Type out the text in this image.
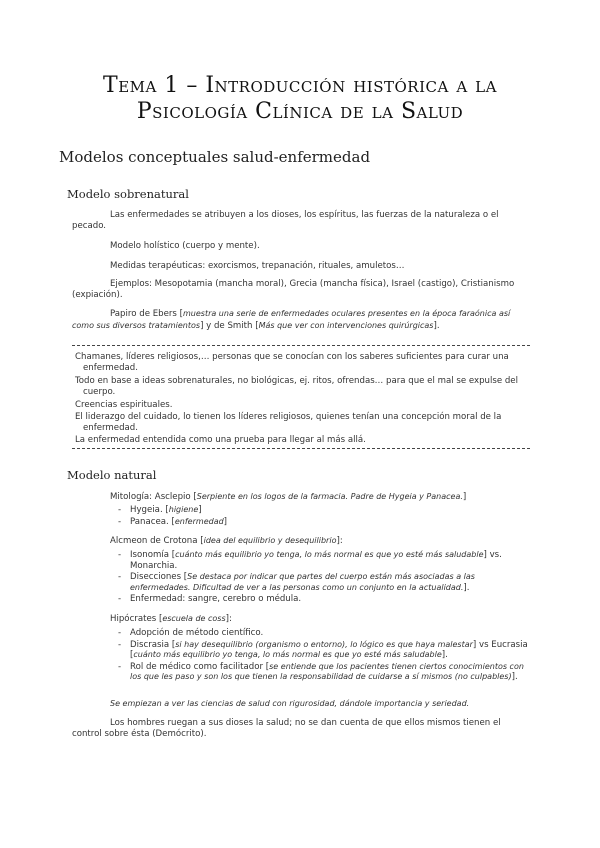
Tema 1 – Introducción histórica a la
Psicología Clínica de la Salud
Modelos conceptuales salud-enfermedad
Modelo sobrenatural
Las enfermedades se atribuyen a los dioses, los espíritus, las fuerzas de la naturaleza o el pecado.
Modelo holístico (cuerpo y mente).
Medidas terapéuticas: exorcismos, trepanación, rituales, amuletos…
Ejemplos: Mesopotamia (mancha moral), Grecia (mancha física), Israel (castigo), Cristianismo (expiación).
Papiro de Ebers [muestra una serie de enfermedades oculares presentes en la época faraónica así como sus diversos tratamientos] y de Smith [Más que ver con intervenciones quirúrgicas].
Chamanes, líderes religiosos,… personas que se conocían con los saberes suficientes para curar una enfermedad.
Todo en base a ideas sobrenaturales, no biológicas, ej. ritos, ofrendas… para que el mal se expulse del cuerpo.
Creencias espirituales.
El liderazgo del cuidado, lo tienen los líderes religiosos, quienes tenían una concepción moral de la enfermedad.
La enfermedad entendida como una prueba para llegar al más allá.
Modelo natural
Mitología: Asclepio [Serpiente en los logos de la farmacia. Padre de Hygeia y Panacea.]
- Hygeia. [higiene]
- Panacea. [enfermedad]
Alcmeon de Crotona [idea del equilibrio y desequilibrio]:
- Isonomía [cuánto más equilibrio yo tenga, lo más normal es que yo esté más saludable] vs. Monarchia.
- Disecciones [Se destaca por indicar que partes del cuerpo están más asociadas a las enfermedades. Dificultad de ver a las personas como un conjunto en la actualidad.].
- Enfermedad: sangre, cerebro o médula.
Hipócrates [escuela de coss]:
- Adopción de método científico.
- Discrasia [si hay desequilibrio (organismo o entorno), lo lógico es que haya malestar] vs Eucrasia [cuánto más equilibrio yo tenga, lo más normal es que yo esté más saludable].
- Rol de médico como facilitador [se entiende que los pacientes tienen ciertos conocimientos con los que les paso y son los que tienen la responsabilidad de cuidarse a sí mismos (no culpables)].
Se empiezan a ver las ciencias de salud con rigurosidad, dándole importancia y seriedad.
Los hombres ruegan a sus dioses la salud; no se dan cuenta de que ellos mismos tienen el control sobre ésta (Demócrito).
